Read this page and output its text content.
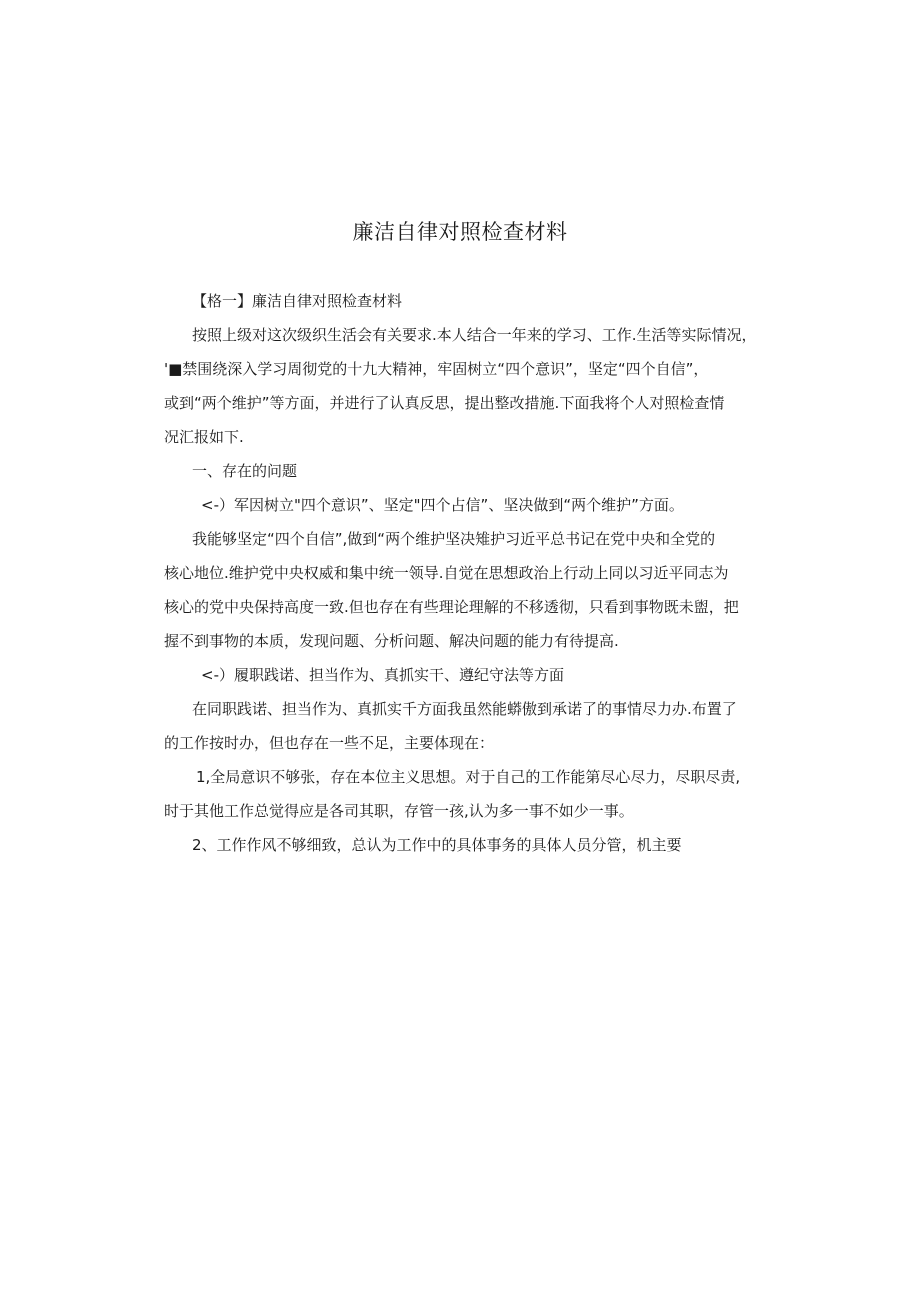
廉洁自律对照检查材料
【格一】廉洁自律对照检查材料
按照上级对这次级织生活会有关要求.本人结合一年来的学习、工作.生活等实际情况，
'■禁围绕深入学习周彻党的十九大精神，牢固树立“四个意识”，坚定“四个自信”，
或到“两个维护”等方面，并进行了认真反思，提出整改措施.下面我将个人对照检查情
况汇报如下.
一、存在的问题
<-）军因树立"四个意识”、坚定"四个占信”、坚决做到“两个维护”方面。
我能够坚定“四个自信”,做到“两个维护坚决雉护习近平总书记在党中央和全党的
核心地位.维护党中央权威和集中统一领导.自觉在思想政治上行动上同以习近平同志为
核心的党中央保持高度一致.但也存在有些理论理解的不移透彻，只看到事物既未盥，把
握不到事物的本质，发现问题、分析问题、解决问题的能力有待提高.
<-）履职践诺、担当作为、真抓实干、遵纪守法等方面
在同职践诺、担当作为、真抓实千方面我虽然能蟒傲到承诺了的事情尽力办.布置了
的工作按时办，但也存在一些不足，主要体现在：
1,全局意识不够张，存在本位主义思想。对于自己的工作能第尽心尽力，尽职尽责,
时于其他工作总觉得应是各司其职，存管一孩,认为多一事不如少一事。
2、工作作风不够细致，总认为工作中的具体事务的具体人员分管，机主要
